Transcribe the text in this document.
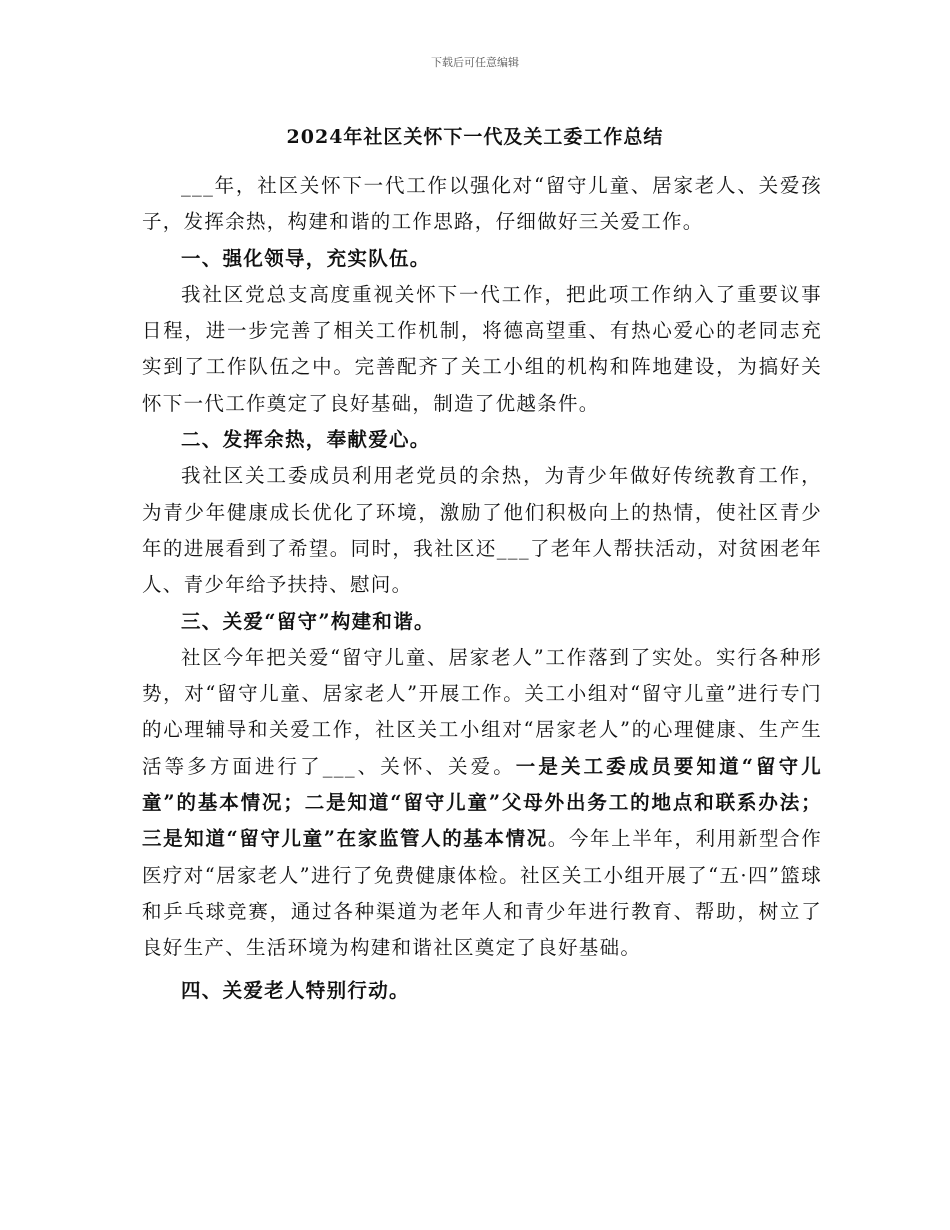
下载后可任意编辑
2024年社区关怀下一代及关工委工作总结

___年，社区关怀下一代工作以强化对“留守儿童、居家老人、关爱孩子，发挥余热，构建和谐的工作思路，仔细做好三关爱工作。

一、强化领导，充实队伍。

我社区党总支高度重视关怀下一代工作，把此项工作纳入了重要议事日程，进一步完善了相关工作机制，将德高望重、有热心爱心的老同志充实到了工作队伍之中。完善配齐了关工小组的机构和阵地建设，为搞好关怀下一代工作奠定了良好基础，制造了优越条件。

二、发挥余热，奉献爱心。

我社区关工委成员利用老党员的余热，为青少年做好传统教育工作，为青少年健康成长优化了环境，激励了他们积极向上的热情，使社区青少年的进展看到了希望。同时，我社区还___了老年人帮扶活动，对贫困老年人、青少年给予扶持、慰问。

三、关爱“留守”构建和谐。

社区今年把关爱“留守儿童、居家老人”工作落到了实处。实行各种形势，对“留守儿童、居家老人”开展工作。关工小组对“留守儿童”进行专门的心理辅导和关爱工作，社区关工小组对“居家老人”的心理健康、生产生活等多方面进行了___、关怀、关爱。一是关工委成员要知道“留守儿童”的基本情况；二是知道“留守儿童”父母外出务工的地点和联系办法；三是知道“留守儿童”在家监管人的基本情况。今年上半年，利用新型合作医疗对“居家老人”进行了免费健康体检。社区关工小组开展了“五·四”篮球和乒乓球竞赛，通过各种渠道为老年人和青少年进行教育、帮助，树立了良好生产、生活环境为构建和谐社区奠定了良好基础。

四、关爱老人特别行动。
